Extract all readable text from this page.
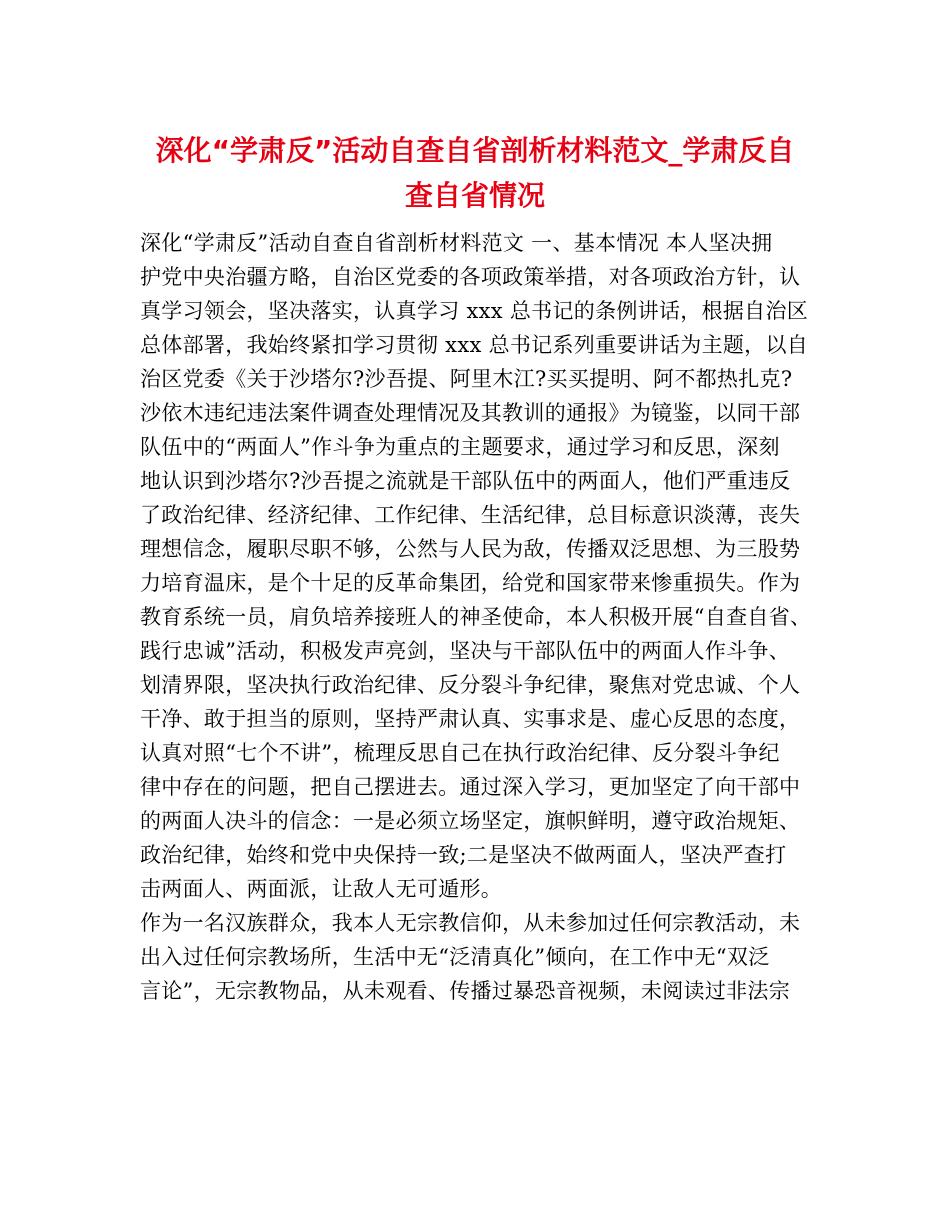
深化“学肃反”活动自查自省剖析材料范文_学肃反自
查自省情况
深化“学肃反”活动自查自省剖析材料范文 一、基本情况 本人坚决拥
护党中央治疆方略，自治区党委的各项政策举措，对各项政治方针，认
真学习领会，坚决落实，认真学习 xxx 总书记的条例讲话，根据自治区
总体部署，我始终紧扣学习贯彻 xxx 总书记系列重要讲话为主题，以自
治区党委《关于沙塔尔?沙吾提、阿里木江?买买提明、阿不都热扎克?
沙依木违纪违法案件调查处理情况及其教训的通报》为镜鉴，以同干部
队伍中的“两面人”作斗争为重点的主题要求，通过学习和反思，深刻
地认识到沙塔尔?沙吾提之流就是干部队伍中的两面人，他们严重违反
了政治纪律、经济纪律、工作纪律、生活纪律，总目标意识淡薄，丧失
理想信念，履职尽职不够，公然与人民为敌，传播双泛思想、为三股势
力培育温床，是个十足的反革命集团，给党和国家带来惨重损失。作为
教育系统一员，肩负培养接班人的神圣使命，本人积极开展“自查自省、
践行忠诚”活动，积极发声亮剑，坚决与干部队伍中的两面人作斗争、
划清界限，坚决执行政治纪律、反分裂斗争纪律，聚焦对党忠诚、个人
干净、敢于担当的原则，坚持严肃认真、实事求是、虚心反思的态度，
认真对照“七个不讲”，梳理反思自己在执行政治纪律、反分裂斗争纪
律中存在的问题，把自己摆进去。通过深入学习，更加坚定了向干部中
的两面人决斗的信念：一是必须立场坚定，旗帜鲜明，遵守政治规矩、
政治纪律，始终和党中央保持一致;二是坚决不做两面人，坚决严查打
击两面人、两面派，让敌人无可遁形。
作为一名汉族群众，我本人无宗教信仰，从未参加过任何宗教活动，未
出入过任何宗教场所，生活中无“泛清真化”倾向，在工作中无“双泛
言论”，无宗教物品，从未观看、传播过暴恐音视频，未阅读过非法宗
